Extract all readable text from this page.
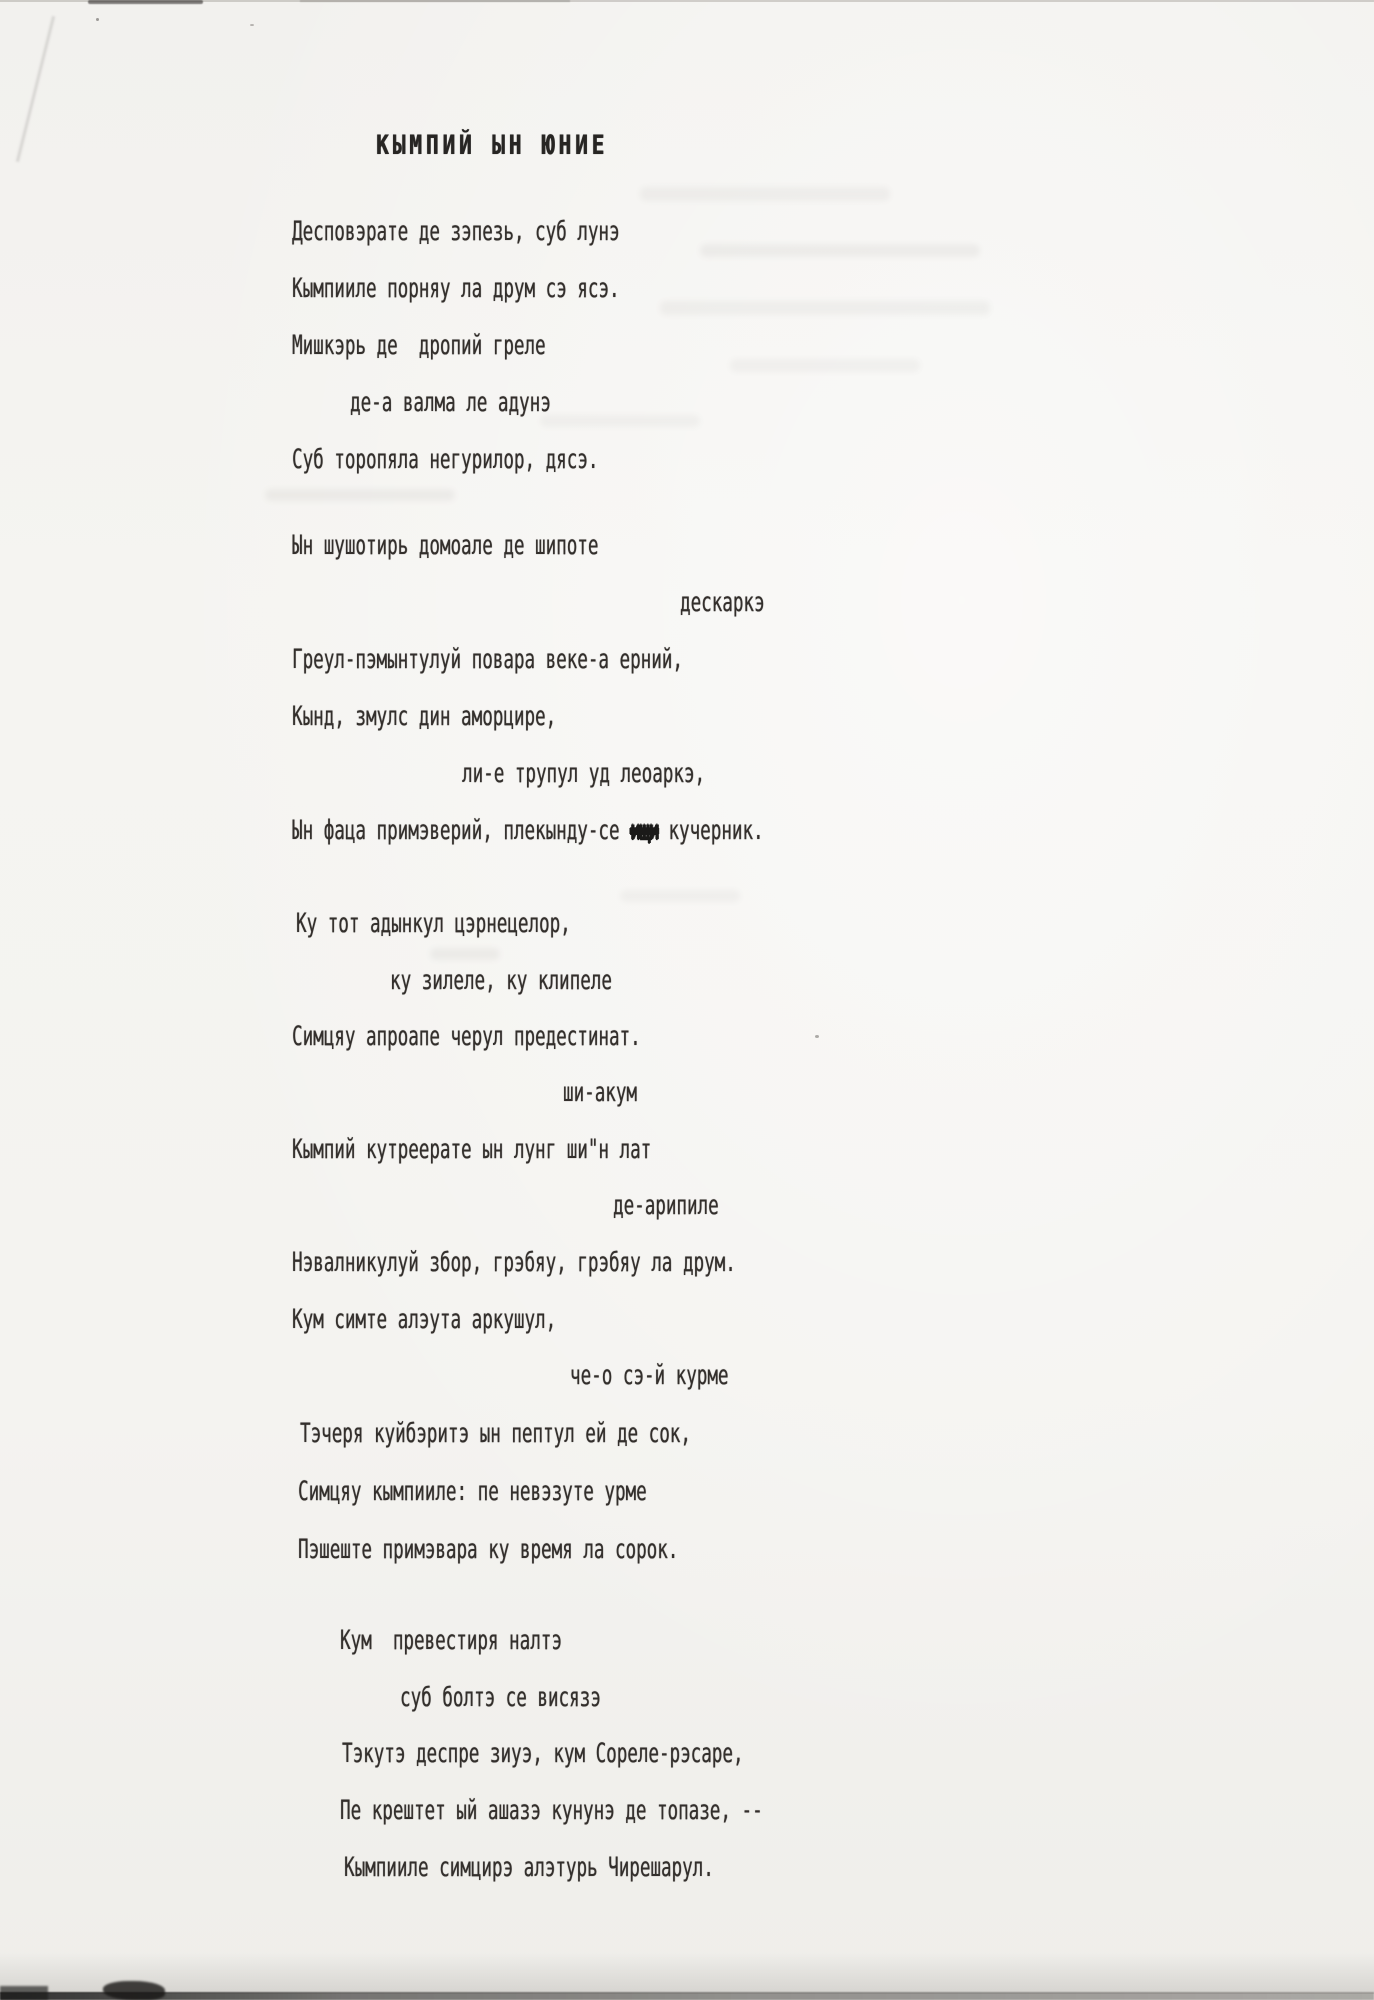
КЫМПИЙ ЫН ЮНИЕ
Десповэрате де зэпезь, суб лунэ
Кымпииле порняу ла друм сэ ясэ.
Мишкэрь де  дропий греле
де-а валма ле адунэ
Суб торопяла негурилор, дясэ.
Ын шушотирь домоале де шипоте
дескаркэ
Греул-пэмынтулуй повара веке-а ерний,
Кынд, змулс дин аморцире,
ли-е трупул уд леоаркэ,
Ын фаца примэверий, плекынду-се ищи кучерник.
Ку тот адынкул цэрнецелор,
ку зилеле, ку клипеле
Симцяу апроапе черул предестинат.
ши-акум
Кымпий кутреерате ын лунг ши"н лат
де-арипиле
Нэвалникулуй збор, грэбяу, грэбяу ла друм.
Кум симте алэута аркушул,
че-о сэ-й курме
Тэчеря куйбэритэ ын пептул ей де сок,
Симцяу кымпииле: пе невэзуте урме
Пэшеште примэвара ку время ла сорок.
Кум  превестиря налтэ
суб болтэ се висязэ
Тэкутэ деспре зиуэ, кум Сореле-рэсаре,
Пе крештет ый ашазэ кунунэ де топазе, --
Кымпииле симцирэ алэтурь Чирешарул.
